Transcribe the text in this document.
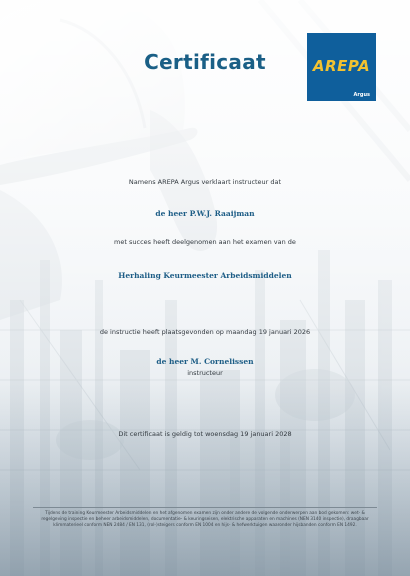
Certificaat	AREPA
Argus
Namens AREPA Argus verklaart instructeur dat
de heer P.W.J. Raaijman
met succes heeft deelgenomen aan het examen van de
Herhaling Keurmeester Arbeidsmiddelen
de instructie heeft plaatsgevonden op maandag 19 januari 2026
de heer M. Cornelissen
instructeur
Dit certificaat is geldig tot woensdag 19 januari 2028
Tijdens de training Keurmeester Arbeidsmiddelen en het afgenomen examen zijn onder andere de volgende onderwerpen aan bod gekomen: wet- & regelgeving inspectie en beheer arbeidsmiddelen, documentatie- & keuringseisen, elektrische apparaten en machines (NEN 3140 inspectie), draagbaar klimmaterieel conform NEN 2484 / EN 131, (rol-)steigers conform EN 1004 en hijs- & hefwerktuigen waaronder hijsbanden conform EN 1492.
